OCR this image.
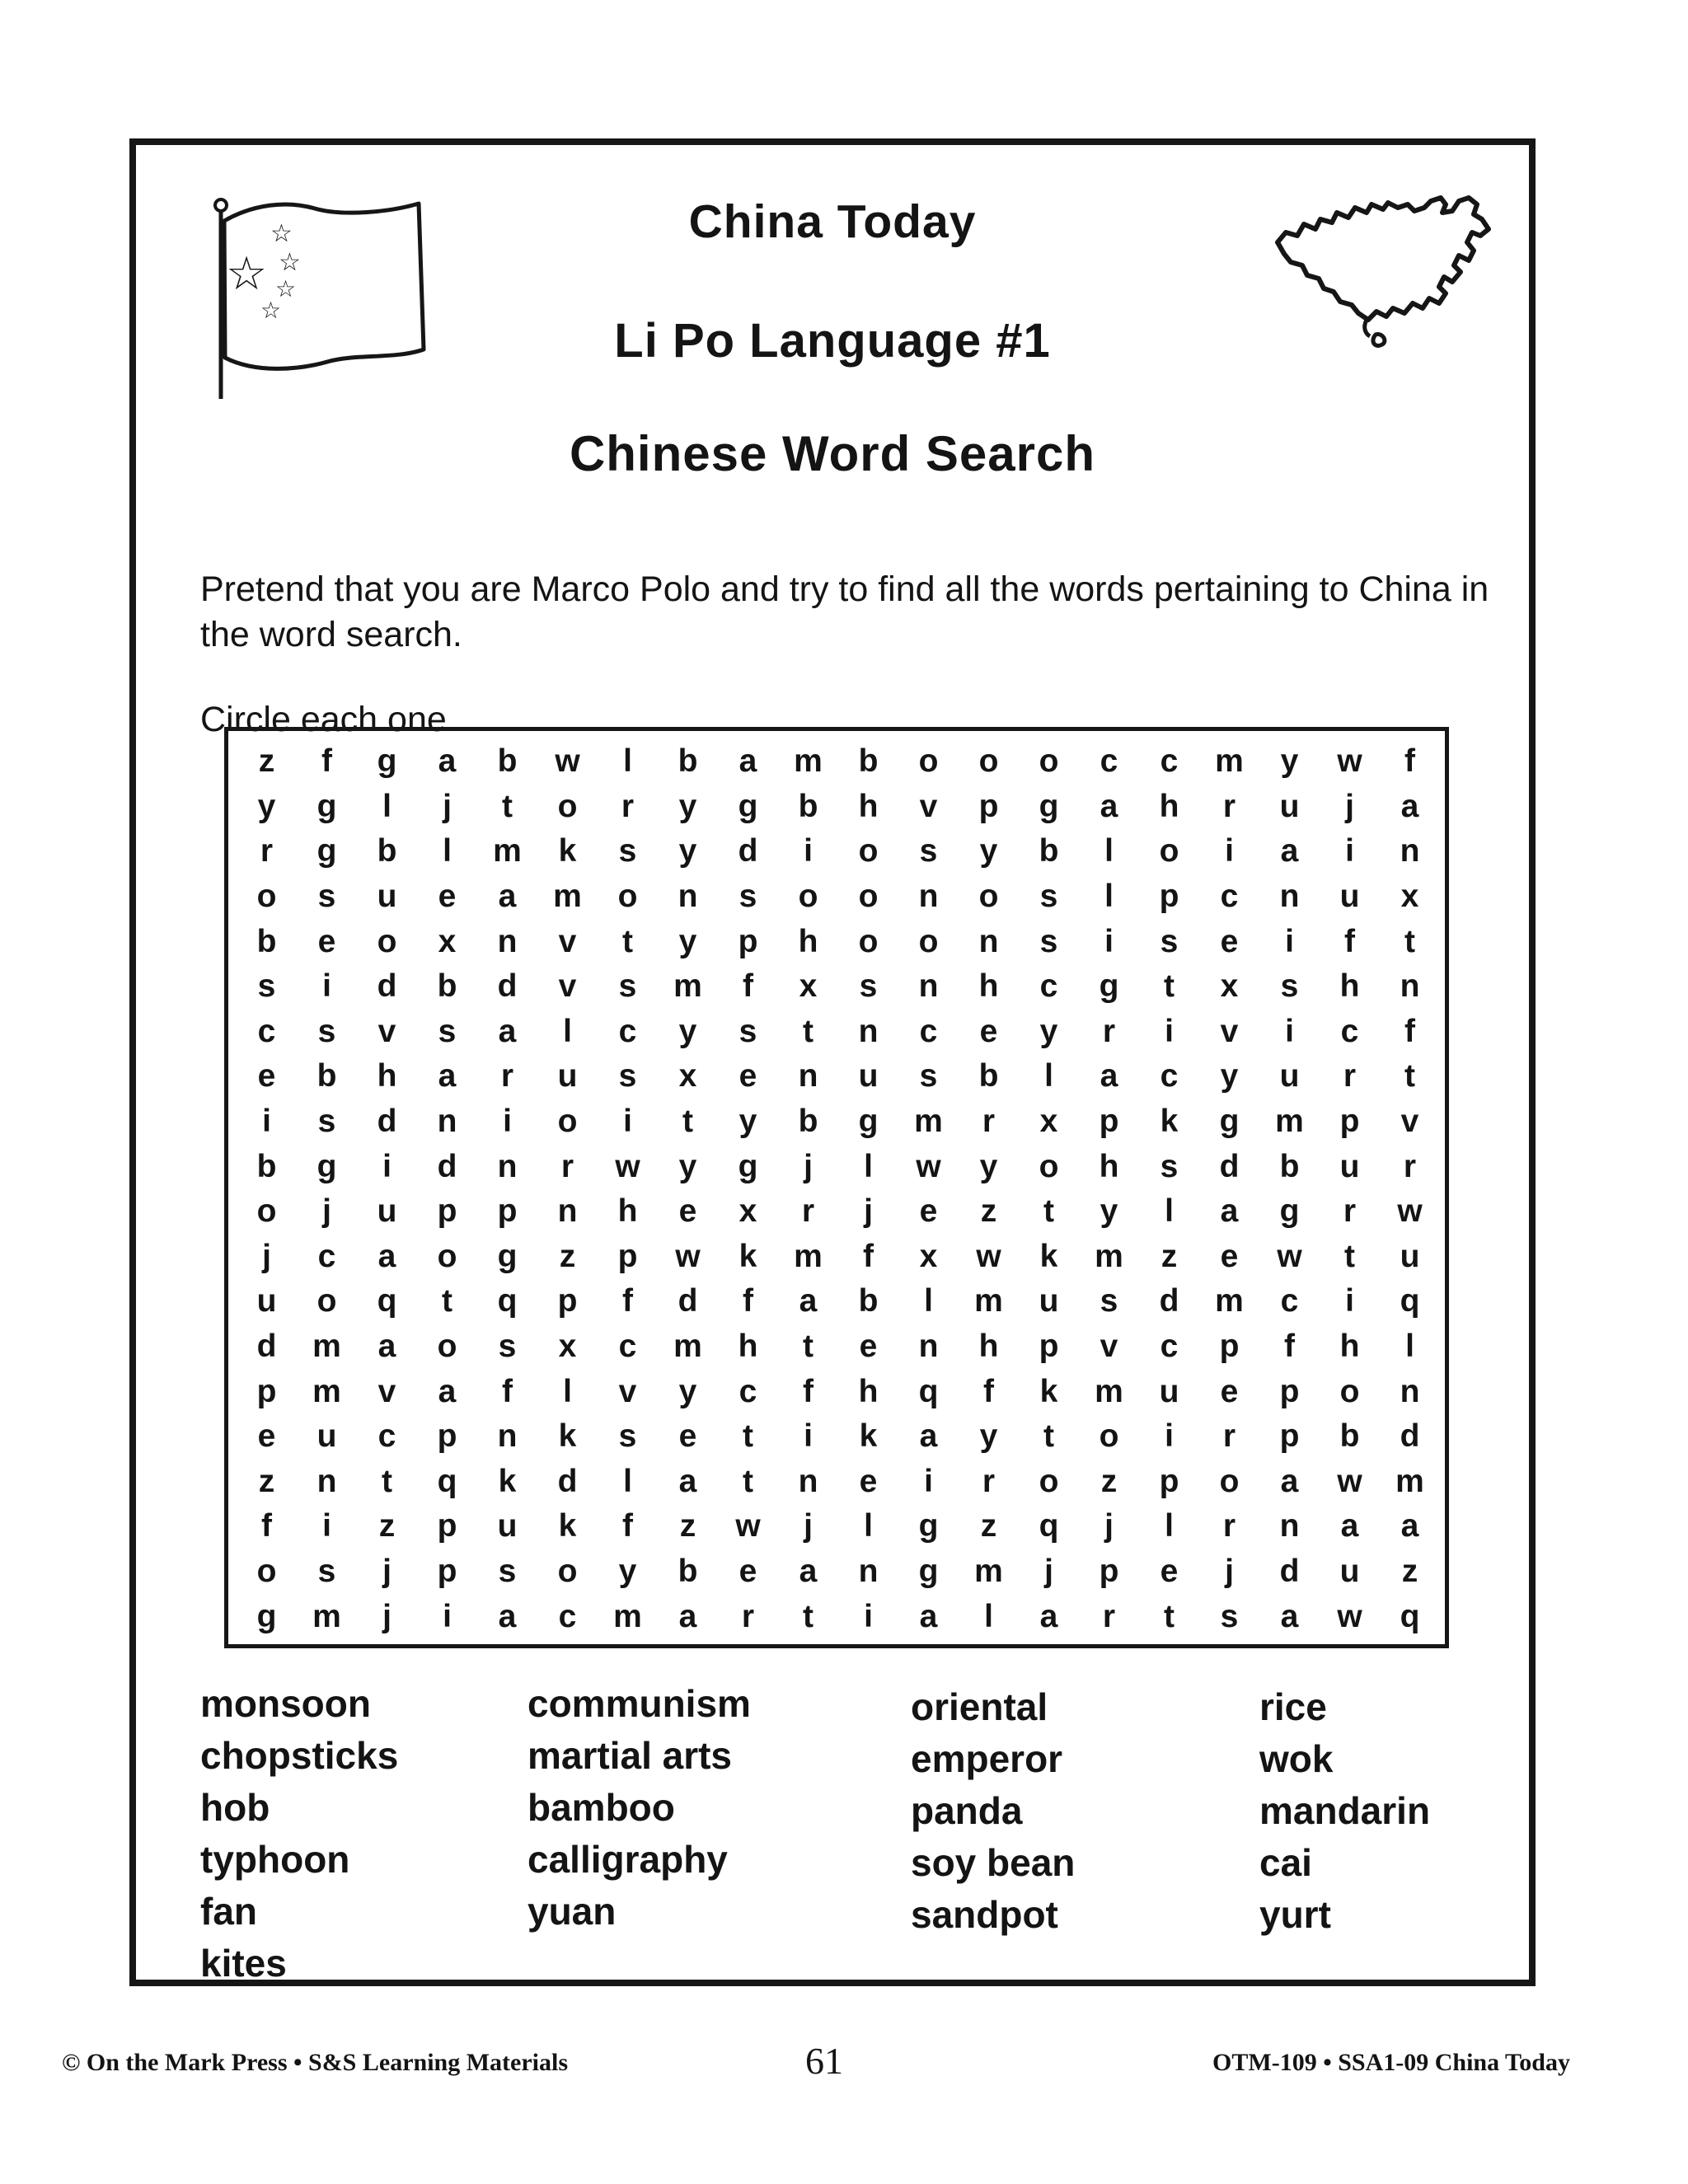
☆
☆
☆
☆
☆
China Today
Li Po Language #1
Chinese Word Search

Pretend that you are Marco Polo and try to find all the words pertaining to China in the word search.

Circle each one.

z	f	g	a	b	w	l	b	a	m	b	o	o	o	c	c	m	y	w	f
y	g	l	j	t	o	r	y	g	b	h	v	p	g	a	h	r	u	j	a
r	g	b	l	m	k	s	y	d	i	o	s	y	b	l	o	i	a	i	n
o	s	u	e	a	m	o	n	s	o	o	n	o	s	l	p	c	n	u	x
b	e	o	x	n	v	t	y	p	h	o	o	n	s	i	s	e	i	f	t
s	i	d	b	d	v	s	m	f	x	s	n	h	c	g	t	x	s	h	n
c	s	v	s	a	l	c	y	s	t	n	c	e	y	r	i	v	i	c	f
e	b	h	a	r	u	s	x	e	n	u	s	b	l	a	c	y	u	r	t
i	s	d	n	i	o	i	t	y	b	g	m	r	x	p	k	g	m	p	v
b	g	i	d	n	r	w	y	g	j	l	w	y	o	h	s	d	b	u	r
o	j	u	p	p	n	h	e	x	r	j	e	z	t	y	l	a	g	r	w
j	c	a	o	g	z	p	w	k	m	f	x	w	k	m	z	e	w	t	u
u	o	q	t	q	p	f	d	f	a	b	l	m	u	s	d	m	c	i	q
d	m	a	o	s	x	c	m	h	t	e	n	h	p	v	c	p	f	h	l
p	m	v	a	f	l	v	y	c	f	h	q	f	k	m	u	e	p	o	n
e	u	c	p	n	k	s	e	t	i	k	a	y	t	o	i	r	p	b	d
z	n	t	q	k	d	l	a	t	n	e	i	r	o	z	p	o	a	w	m
f	i	z	p	u	k	f	z	w	j	l	g	z	q	j	l	r	n	a	a
o	s	j	p	s	o	y	b	e	a	n	g	m	j	p	e	j	d	u	z
g	m	j	i	a	c	m	a	r	t	i	a	l	a	r	t	s	a	w	q
monsoon
chopsticks
hob
typhoon
fan
kites
communism
martial arts
bamboo
calligraphy
yuan
oriental
emperor
panda
soy bean
sandpot
rice
wok
mandarin
cai
yurt
© On the Mark Press • S&S Learning Materials	61	OTM-109 • SSA1-09 China Today
